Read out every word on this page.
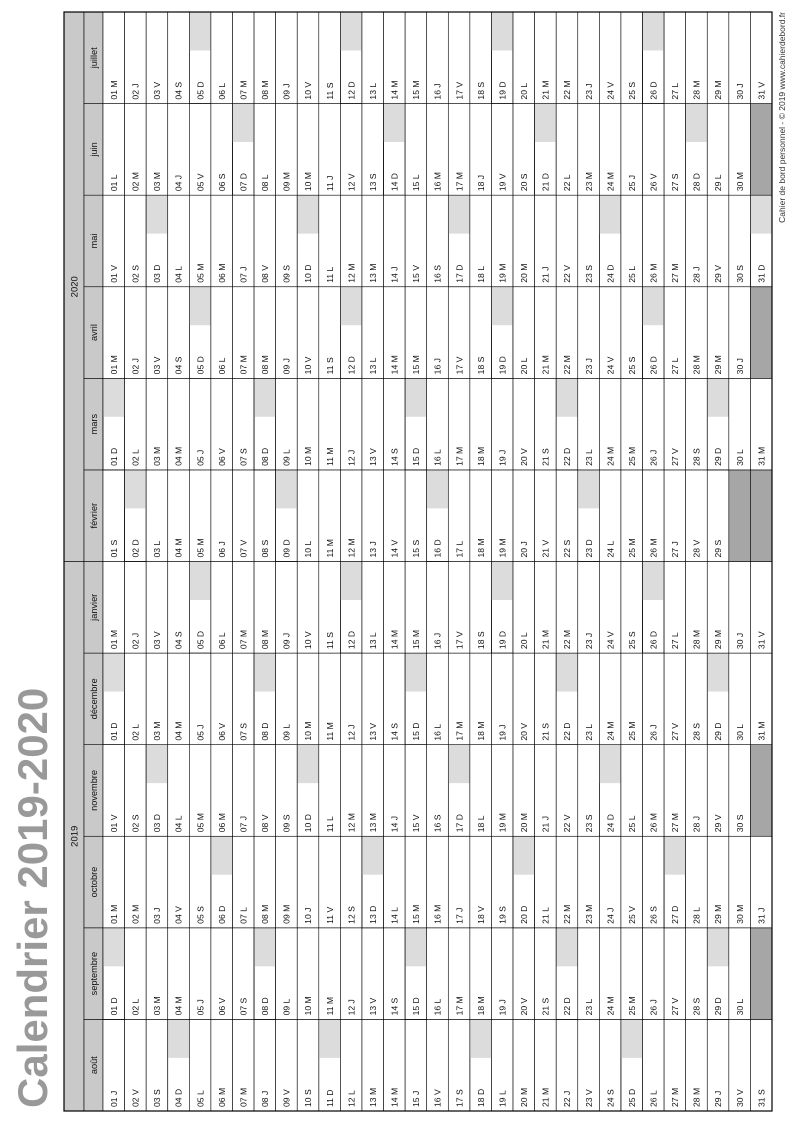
Calendrier 2019-2020 2019
2020
août
01 J 02 V 03 S 04 D 05 L 06 M 07 M 08 J 09 V 10 S 11 D 12 L 13 M 14 M 15 J 16 V 17 S 18 D 19 L 20 M 21 M 22 J 23 V 24 S 25 D 26 L 27 M 28 M 29 J 30 V 31 S
septembre
01 D 02 L 03 M 04 M 05 J 06 V 07 S 08 D 09 L 10 M 11 M 12 J 13 V 14 S 15 D 16 L 17 M 18 M 19 J 20 V 21 S 22 D 23 L 24 M 25 M 26 J 27 V 28 S 29 D 30 L
octobre
01 M 02 M 03 J 04 V 05 S 06 D 07 L 08 M 09 M 10 J 11 V 12 S 13 D 14 L 15 M 16 M 17 J 18 V 19 S 20 D 21 L 22 M 23 M 24 J 25 V 26 S 27 D 28 L 29 M 30 M 31 J
novembre
01 V 02 S 03 D 04 L 05 M 06 M 07 J 08 V 09 S 10 D 11 L 12 M 13 M 14 J 15 V 16 S 17 D 18 L 19 M 20 M 21 J 22 V 23 S 24 D 25 L 26 M 27 M 28 J 29 V 30 S
décembre
01 D 02 L 03 M 04 M 05 J 06 V 07 S 08 D 09 L 10 M 11 M 12 J 13 V 14 S 15 D 16 L 17 M 18 M 19 J 20 V 21 S 22 D 23 L 24 M 25 M 26 J 27 V 28 S 29 D 30 L 31 M
janvier
01 M 02 J 03 V 04 S 05 D 06 L 07 M 08 M 09 J 10 V 11 S 12 D 13 L 14 M 15 M 16 J 17 V 18 S 19 D 20 L 21 M 22 M 23 J 24 V 25 S 26 D 27 L 28 M 29 M 30 J 31 V
février
01 S 02 D 03 L 04 M 05 M 06 J 07 V 08 S 09 D 10 L 11 M 12 M 13 J 14 V 15 S 16 D 17 L 18 M 19 M 20 J 21 V 22 S 23 D 24 L 25 M 26 M 27 J 28 V 29 S
mars
01 D 02 L 03 M 04 M 05 J 06 V 07 S 08 D 09 L 10 M 11 M 12 J 13 V 14 S 15 D 16 L 17 M 18 M 19 J 20 V 21 S 22 D 23 L 24 M 25 M 26 J 27 V 28 S 29 D 30 L 31 M
avril
01 M 02 J 03 V 04 S 05 D 06 L 07 M 08 M 09 J 10 V 11 S 12 D 13 L 14 M 15 M 16 J 17 V 18 S 19 D 20 L 21 M 22 M 23 J 24 V 25 S 26 D 27 L 28 M 29 M 30 J
mai
01 V 02 S 03 D 04 L 05 M 06 M 07 J 08 V 09 S 10 D 11 L 12 M 13 M 14 J 15 V 16 S 17 D 18 L 19 M 20 M 21 J 22 V 23 S 24 D 25 L 26 M 27 M 28 J 29 V 30 S 31 D
juin
01 L 02 M 03 M 04 J 05 V 06 S 07 D 08 L 09 M 10 M 11 J 12 V 13 S 14 D 15 L 16 M 17 M 18 J 19 V 20 S 21 D 22 L 23 M 24 M 25 J 26 V 27 S 28 D 29 L 30 M
juillet
01 M 02 J 03 V 04 S 05 D 06 L 07 M 08 M 09 J 10 V 11 S 12 D 13 L 14 M 15 M 16 J 17 V 18 S 19 D 20 L 21 M 22 M 23 J 24 V 25 S 26 D 27 L 28 M 29 M 30 J 31 V Cahier de bord personnel - © 2019 www.cahierdebord.fr
